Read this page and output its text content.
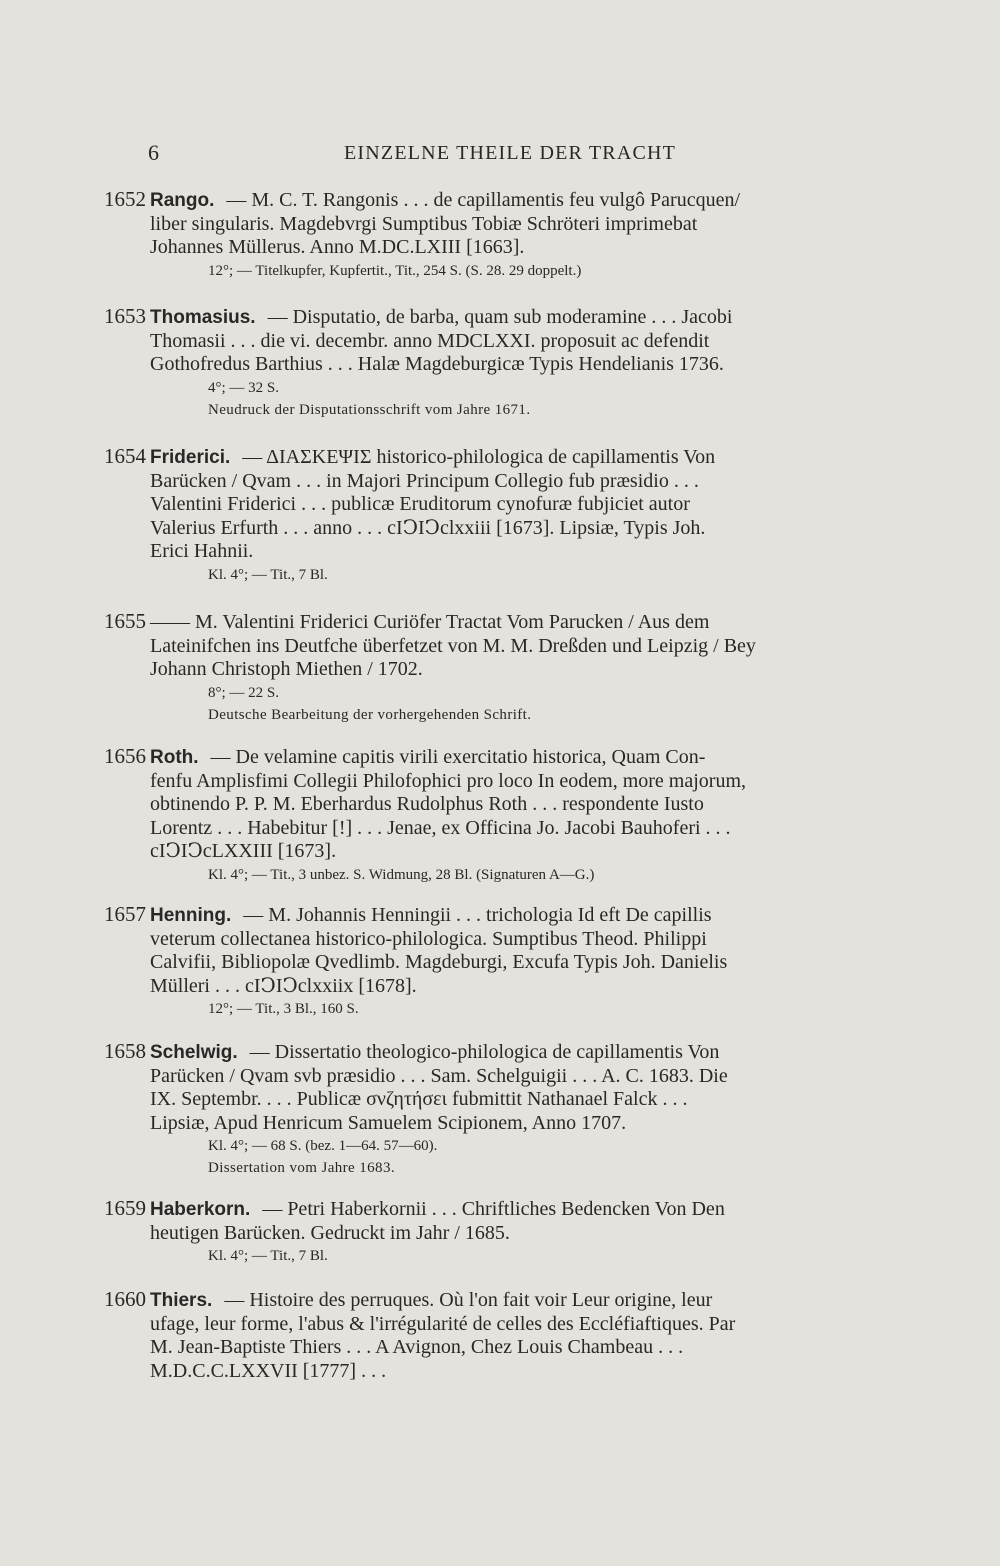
6	EINZELNE THEILE DER TRACHT
1652 Rango. — M. C. T. Rangonis . . . de capillamentis feu vulgô Parucquen/
liber singularis. Magdebvrgi Sumptibus Tobiæ Schröteri imprimebat
Johannes Müllerus. Anno M.DC.LXIII [1663].
12°; — Titelkupfer, Kupfertit., Tit., 254 S. (S. 28. 29 doppelt.)
1653 Thomasius. — Disputatio, de barba, quam sub moderamine . . . Jacobi
Thomasii . . . die vi. decembr. anno MDCLXXI. proposuit ac defendit
Gothofredus Barthius . . . Halæ Magdeburgicæ Typis Hendelianis 1736.
4°; — 32 S.
Neudruck der Disputationsschrift vom Jahre 1671.
1654 Friderici. — ΔΙΑΣΚΕΨΙΣ historico-philologica de capillamentis Von
Barücken / Qvam . . . in Majori Principum Collegio fub præsidio . . .
Valentini Friderici . . . publicæ Eruditorum cynofuræ fubjiciet autor
Valerius Erfurth . . . anno . . . cIↃIↃclxxiii [1673]. Lipsiæ, Typis Joh.
Erici Hahnii.
Kl. 4°; — Tit., 7 Bl.
1655 —— M. Valentini Friderici Curiöfer Tractat Vom Parucken / Aus dem
Lateinifchen ins Deutfche überfetzet von M. M. Dreßden und Leipzig / Bey
Johann Christoph Miethen / 1702.
8°; — 22 S.
Deutsche Bearbeitung der vorhergehenden Schrift.
1656 Roth. — De velamine capitis virili exercitatio historica, Quam Con-
fenfu Amplisfimi Collegii Philofophici pro loco In eodem, more majorum,
obtinendo P. P. M. Eberhardus Rudolphus Roth . . . respondente Iusto
Lorentz . . . Habebitur [!] . . . Jenae, ex Officina Jo. Jacobi Bauhoferi . . .
cIↃIↃcLXXIII [1673].
Kl. 4°; — Tit., 3 unbez. S. Widmung, 28 Bl. (Signaturen A—G.)
1657 Henning. — M. Johannis Henningii . . . trichologia Id eft De capillis
veterum collectanea historico-philologica. Sumptibus Theod. Philippi
Calvifii, Bibliopolæ Qvedlimb. Magdeburgi, Excufa Typis Joh. Danielis
Mülleri . . . cIↃIↃclxxiix [1678].
12°; — Tit., 3 Bl., 160 S.
1658 Schelwig. — Dissertatio theologico-philologica de capillamentis Von
Parücken / Qvam svb præsidio . . . Sam. Schelguigii . . . A. C. 1683. Die
IX. Septembr. . . . Publicæ σνζητήσει fubmittit Nathanael Falck . . .
Lipsiæ, Apud Henricum Samuelem Scipionem, Anno 1707.
Kl. 4°; — 68 S. (bez. 1—64. 57—60).
Dissertation vom Jahre 1683.
1659 Haberkorn. — Petri Haberkornii . . . Chriftliches Bedencken Von Den
heutigen Barücken. Gedruckt im Jahr / 1685.
Kl. 4°; — Tit., 7 Bl.
1660 Thiers. — Histoire des perruques. Où l'on fait voir Leur origine, leur
ufage, leur forme, l'abus & l'irrégularité de celles des Eccléfiaftiques. Par
M. Jean-Baptiste Thiers . . . A Avignon, Chez Louis Chambeau . . .
M.D.C.C.LXXVII [1777] . . .
